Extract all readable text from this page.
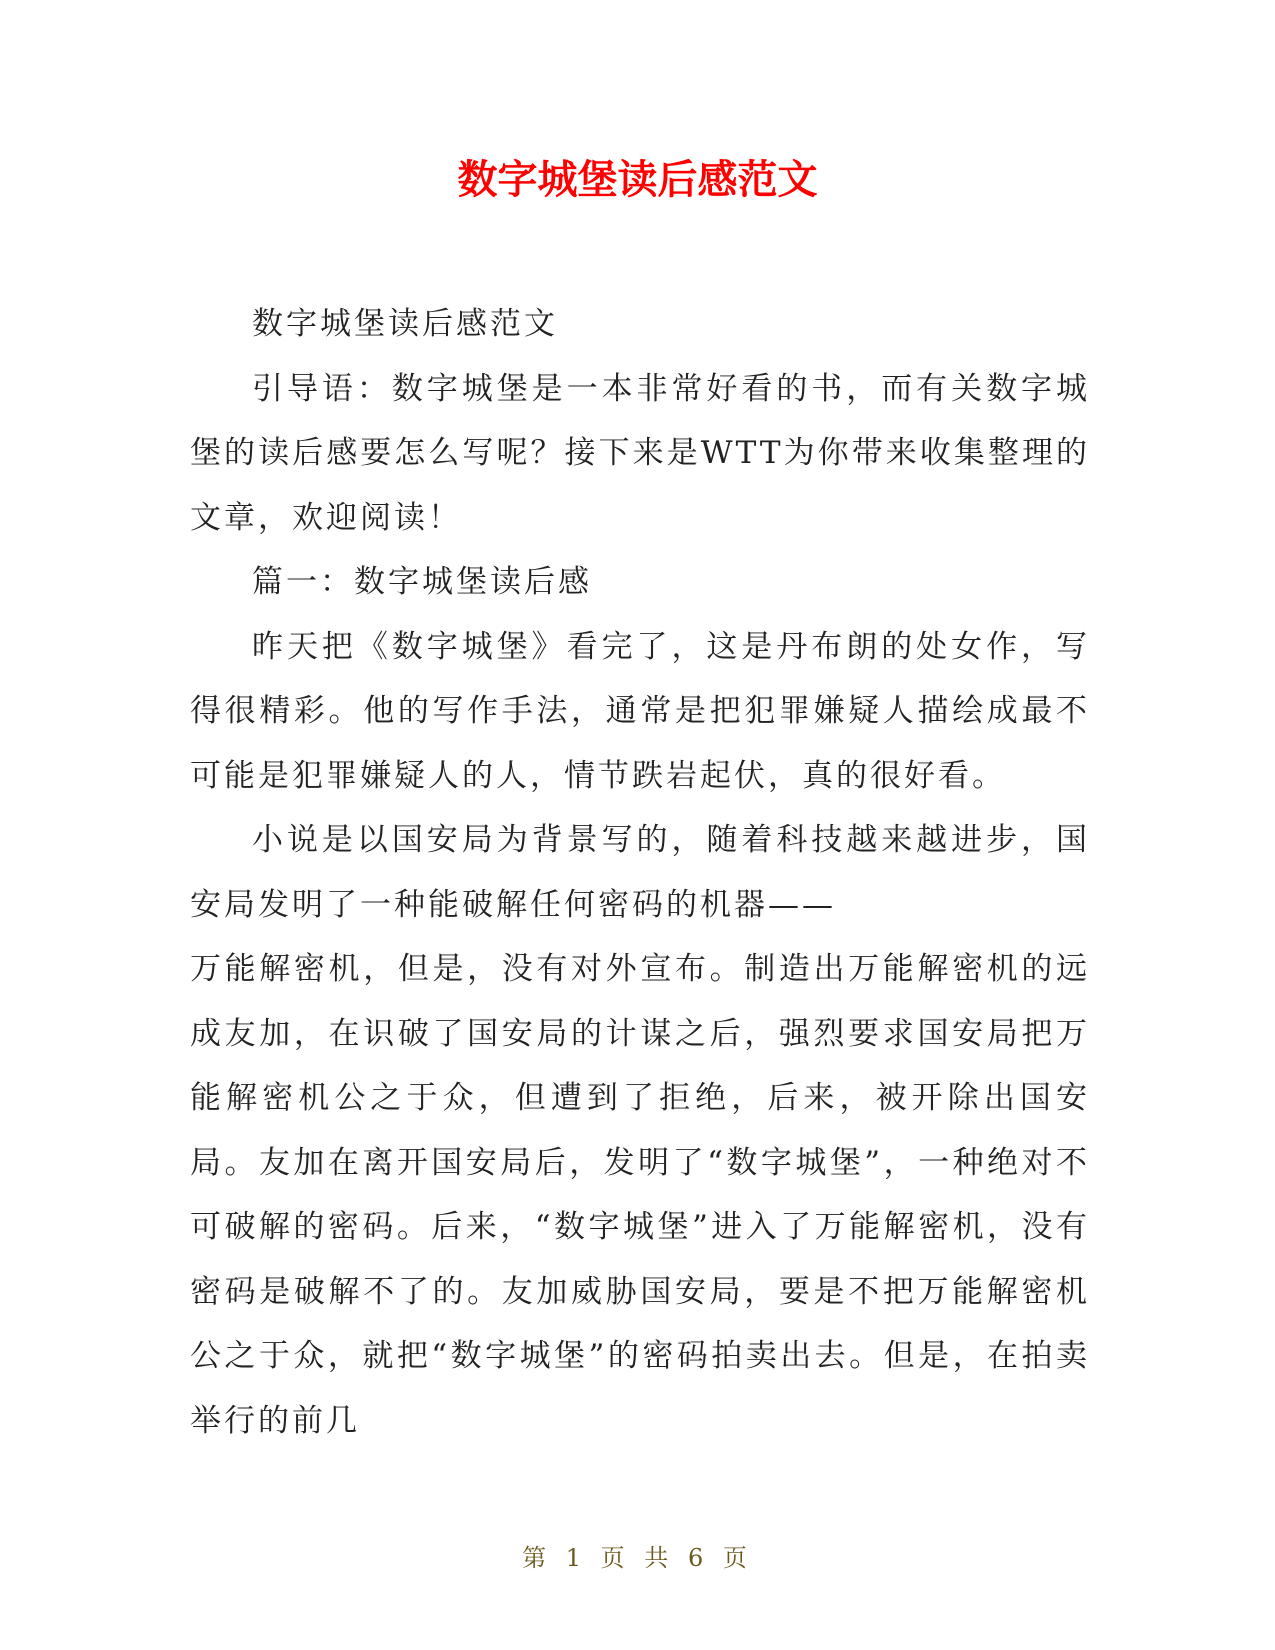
数字城堡读后感范文

数字城堡读后感范文

引导语：数字城堡是一本非常好看的书，而有关数字城堡的读后感要怎么写呢？接下来是WTT为你带来收集整理的文章，欢迎阅读！

篇一：数字城堡读后感

昨天把《数字城堡》看完了，这是丹布朗的处女作，写得很精彩。他的写作手法，通常是把犯罪嫌疑人描绘成最不可能是犯罪嫌疑人的人，情节跌岩起伏，真的很好看。

小说是以国安局为背景写的，随着科技越来越进步，国安局发明了一种能破解任何密码的机器——

万能解密机，但是，没有对外宣布。制造出万能解密机的远成友加，在识破了国安局的计谋之后，强烈要求国安局把万能解密机公之于众，但遭到了拒绝，后来，被开除出国安局。友加在离开国安局后，发明了“数字城堡”，一种绝对不可破解的密码。后来，“数字城堡”进入了万能解密机，没有密码是破解不了的。友加威胁国安局，要是不把万能解密机公之于众，就把“数字城堡”的密码拍卖出去。但是，在拍卖举行的前几

第 1 页 共 6 页
